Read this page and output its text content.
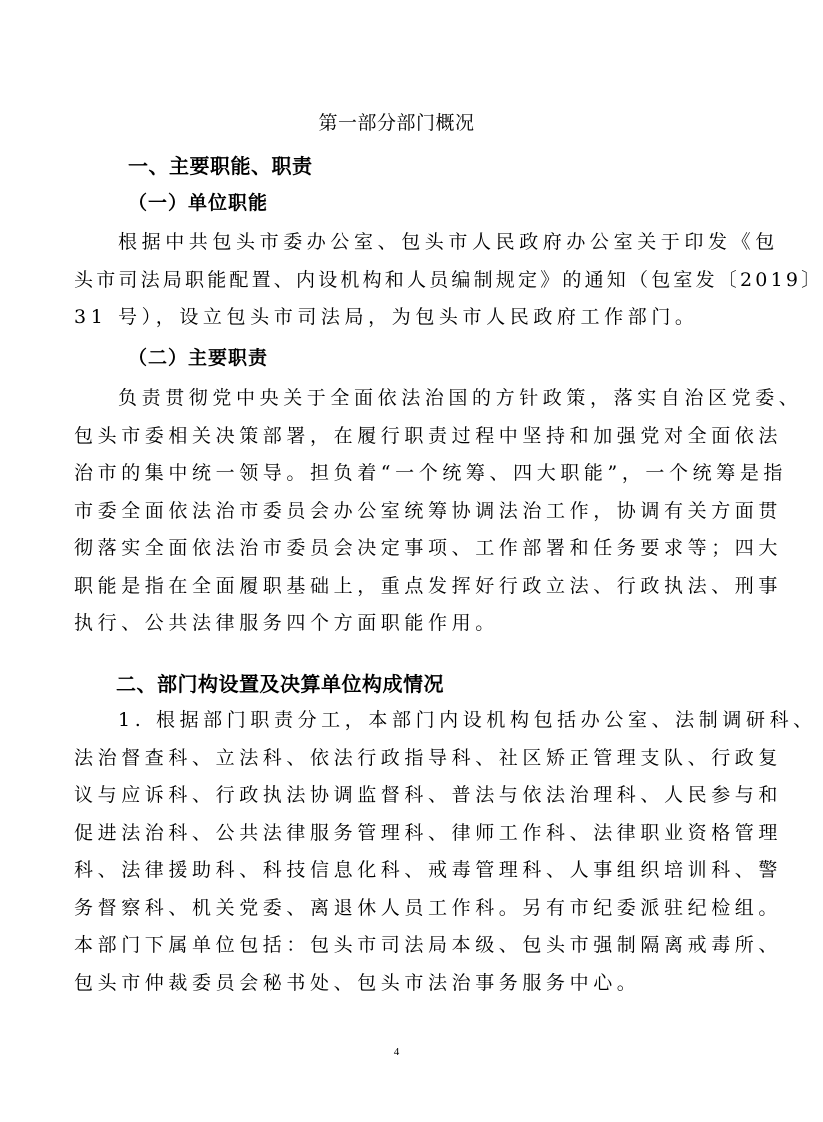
第一部分部门概况
一、主要职能、职责
（一）单位职能
根据中共包头市委办公室、包头市人民政府办公室关于印发《包
头市司法局职能配置、内设机构和人员编制规定》的通知（包室发〔2019〕
31 号），设立包头市司法局，为包头市人民政府工作部门。
（二）主要职责
负责贯彻党中央关于全面依法治国的方针政策，落实自治区党委、
包头市委相关决策部署，在履行职责过程中坚持和加强党对全面依法
治市的集中统一领导。担负着“一个统筹、四大职能”，一个统筹是指
市委全面依法治市委员会办公室统筹协调法治工作，协调有关方面贯
彻落实全面依法治市委员会决定事项、工作部署和任务要求等；四大
职能是指在全面履职基础上，重点发挥好行政立法、行政执法、刑事
执行、公共法律服务四个方面职能作用。
二、部门构设置及决算单位构成情况
1. 根据部门职责分工，本部门内设机构包括办公室、法制调研科、
法治督查科、立法科、依法行政指导科、社区矫正管理支队、行政复
议与应诉科、行政执法协调监督科、普法与依法治理科、人民参与和
促进法治科、公共法律服务管理科、律师工作科、法律职业资格管理
科、法律援助科、科技信息化科、戒毒管理科、人事组织培训科、警
务督察科、机关党委、离退休人员工作科。另有市纪委派驻纪检组。
本部门下属单位包括：包头市司法局本级、包头市强制隔离戒毒所、
包头市仲裁委员会秘书处、包头市法治事务服务中心。
4
